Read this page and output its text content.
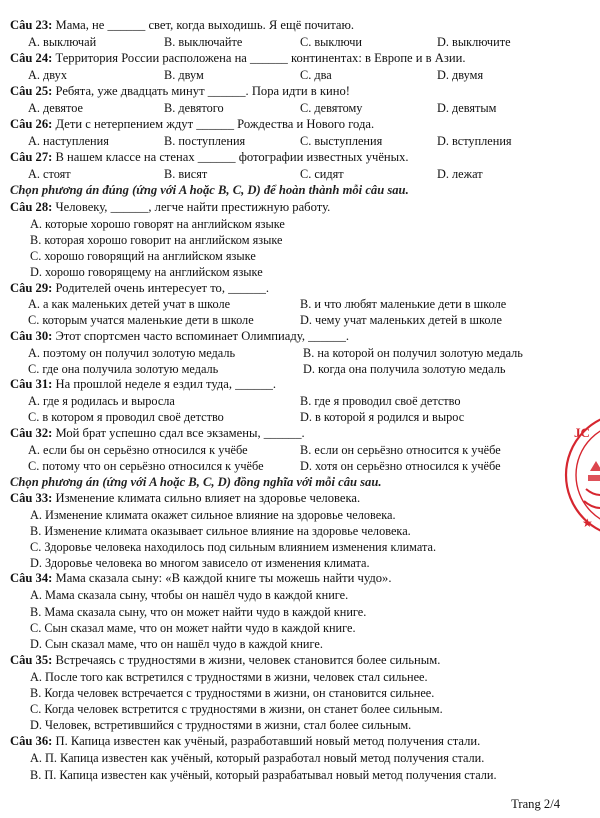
Câu 23: Мама, не ______ свет, когда выходишь. Я ещё почитаю.
A. выключай	B. выключайте	C. выключи	D. выключите
Câu 24: Территория России расположена на ______ континентах: в Европе и в Азии.
A. двух	B. двум	C. два	D. двумя
Câu 25: Ребята, уже двадцать минут ______. Пора идти в кино!
A. девятое	B. девятого	C. девятому	D. девятым
Câu 26: Дети с нетерпением ждут ______ Рождества и Нового года.
A. наступления	B. поступления	C. выступления	D. вступления
Câu 27: В нашем классе на стенах ______ фотографии известных учёных.
A. стоят	B. висят	C. сидят	D. лежат
Chọn phương án đúng (ứng với A hoặc B, C, D) để hoàn thành mỗi câu sau.
Câu 28: Человеку, ______, легче найти престижную работу.
A. которые хорошо говорят на английском языке
B. которая хорошо говорит на английском языке
C. хорошо говорящий на английском языке
D. хорошо говорящему на английском языке
Câu 29: Родителей очень интересует то, ______.
A. а как маленьких детей учат в школе	B. и что любят маленькие дети в школе
C. которым учатся маленькие дети в школе	D. чему учат маленьких детей в школе
Câu 30: Этот спортсмен часто вспоминает Олимпиаду, ______.
A. поэтому он получил золотую медаль	B. на которой он получил золотую медаль
C. где она получила золотую медаль	D. когда она получила золотую медаль
Câu 31: На прошлой неделе я ездил туда, ______.
A. где я родилась и выросла	B. где я проводил своё детство
C. в котором я проводил своё детство	D. в которой я родился и вырос
Câu 32: Мой брат успешно сдал все экзамены, ______.
A. если бы он серьёзно относился к учёбе	B. если он серьёзно относится к учёбе
C. потому что он серьёзно относился к учёбе	D. хотя он серьёзно относился к учёбе
Chọn phương án (ứng với A hoặc B, C, D) đồng nghĩa với mỗi câu sau.
Câu 33: Изменение климата сильно влияет на здоровье человека.
A. Изменение климата окажет сильное влияние на здоровье человека.
B. Изменение климата оказывает сильное влияние на здоровье человека.
C. Здоровье человека находилось под сильным влиянием изменения климата.
D. Здоровье человека во многом зависело от изменения климата.
Câu 34: Мама сказала сыну: «В каждой книге ты можешь найти чудо».
A. Мама сказала сыну, чтобы он нашёл чудо в каждой книге.
B. Мама сказала сыну, что он может найти чудо в каждой книге.
C. Сын сказал маме, что он может найти чудо в каждой книге.
D. Сын сказал маме, что он нашёл чудо в каждой книге.
Câu 35: Встречаясь с трудностями в жизни, человек становится более сильным.
A. После того как встретился с трудностями в жизни, человек стал сильнее.
B. Когда человек встречается с трудностями в жизни, он становится сильнее.
C. Когда человек встретится с трудностями в жизни, он станет более сильным.
D. Человек, встретившийся с трудностями в жизни, стал более сильным.
Câu 36: П. Капица известен как учёный, разработавший новый метод получения стали.
A. П. Капица известен как учёный, который разработал новый метод получения стали.
B. П. Капица известен как учёный, который разрабатывал новый метод получения стали.
Trang 2/4
JC
★
